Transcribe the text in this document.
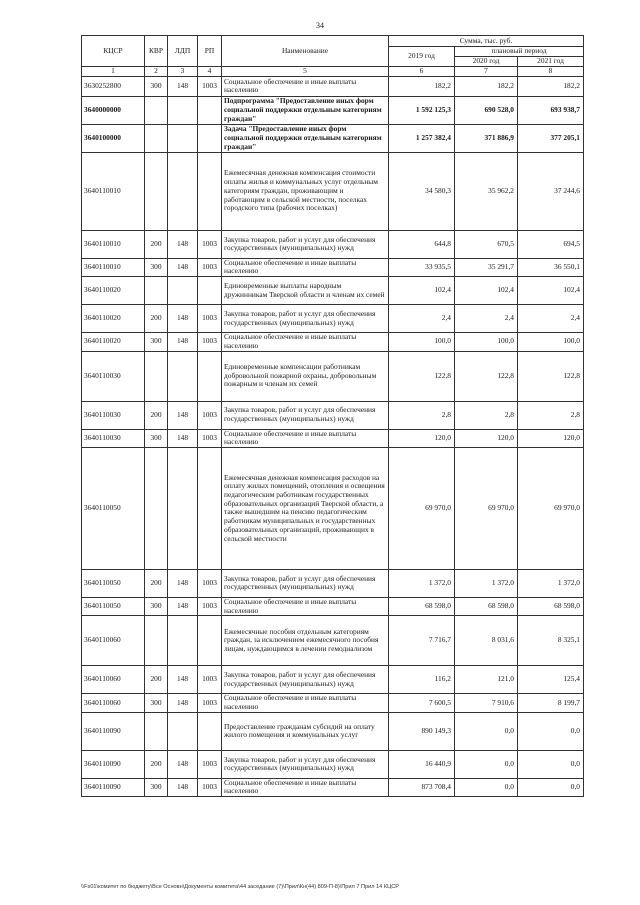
34
КЦСР	КВР	ЛДП	РП	Наименование	Сумма, тыс. руб.		
					2019 год	плановый период	
						2020 год	2021 год
1	2	3	4	5	6	7	8
3630252800	300	148	1003	Социальное обеспечение и иные выплаты населению	182,2	182,2	182,2
3640000000				Подпрограмма "Предоставление иных форм социальной поддержки отдельным категориям граждан"	1 592 125,3	690 528,0	693 938,7
3640100000				Задача "Предоставление иных форм социальной поддержки отдельным категориям граждан"	1 257 382,4	371 886,9	377 205,1
3640110010				Ежемесячная денежная компенсация стоимости оплаты жилья и коммунальных услуг отдельным категориям граждан, проживающим и работающим в сельской местности, поселках городского типа (рабочих поселках)	34 580,3	35 962,2	37 244,6
3640110010	200	148	1003	Закупка товаров, работ и услуг для обеспечения государственных (муниципальных) нужд	644,8	670,5	694,5
3640110010	300	148	1003	Социальное обеспечение и иные выплаты населению	33 935,5	35 291,7	36 550,1
3640110020				Единовременные выплаты народным дружинникам Тверской области и членам их семей	102,4	102,4	102,4
3640110020	200	148	1003	Закупка товаров, работ и услуг для обеспечения государственных (муниципальных) нужд	2,4	2,4	2,4
3640110020	300	148	1003	Социальное обеспечение и иные выплаты населению	100,0	100,0	100,0
3640110030				Единовременные компенсации работникам добровольной пожарной охраны, добровольным пожарным и членам их семей	122,8	122,8	122,8
3640110030	200	148	1003	Закупка товаров, работ и услуг для обеспечения государственных (муниципальных) нужд	2,8	2,8	2,8
3640110030	300	148	1003	Социальное обеспечение и иные выплаты населению	120,0	120,0	120,0
3640110050				Ежемесячная денежная компенсация расходов на оплату жилых помещений, отопления и освещения педагогическим работникам государственных образовательных организаций Тверской области, а также вышедшим на пенсию педагогическим работникам муниципальных и государственных образовательных организаций, проживающих в сельской местности	69 970,0	69 970,0	69 970,0
3640110050	200	148	1003	Закупка товаров, работ и услуг для обеспечения государственных (муниципальных) нужд	1 372,0	1 372,0	1 372,0
3640110050	300	148	1003	Социальное обеспечение и иные выплаты населению	68 598,0	68 598,0	68 598,0
3640110060				Ежемесячные пособия отдельным категориям граждан, за исключением ежемесячного пособия лицам, нуждающимся в лечении гемодиализом	7 716,7	8 031,6	8 325,1
3640110060	200	148	1003	Закупка товаров, работ и услуг для обеспечения государственных (муниципальных) нужд	116,2	121,0	125,4
3640110060	300	148	1003	Социальное обеспечение и иные выплаты населению	7 600,5	7 910,6	8 199,7
3640110090				Предоставление гражданам субсидий на оплату жилого помещения и коммунальных услуг	890 149,3	0,0	0,0
3640110090	200	148	1003	Закупка товаров, работ и услуг для обеспечения государственных (муниципальных) нужд	16 440,9	0,0	0,0
3640110090	300	148	1003	Социальное обеспечение и иные выплаты населению	873 708,4	0,0	0,0
\\Fs01\комитет по бюджету\Все Основн\Документы комитета\44 заседание (7)\Прил\Кн(44) 809-П-8)\Прил 7 Прил 14 КЦСР
